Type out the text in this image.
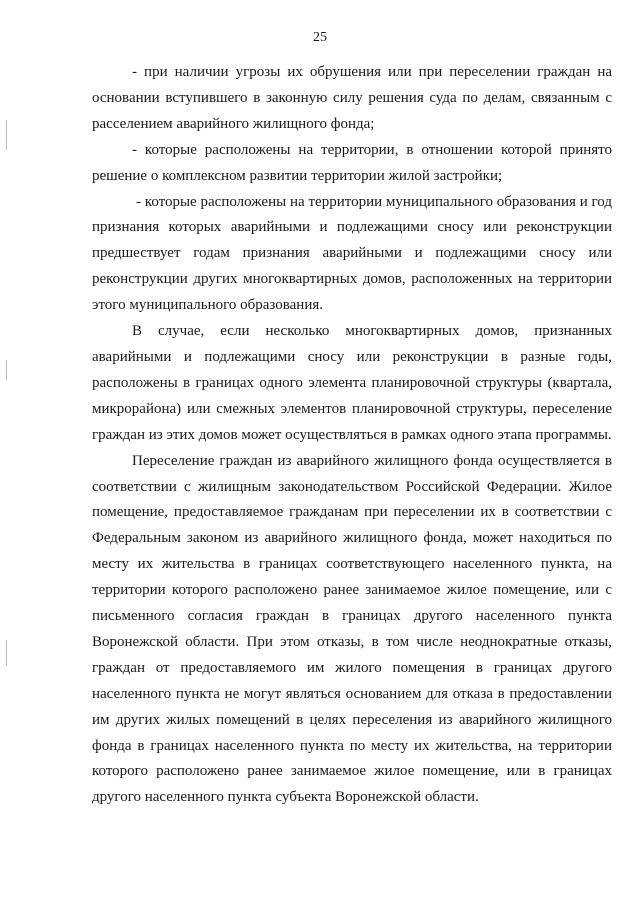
25

- при наличии угрозы их обрушения или при переселении граждан на основании вступившего в законную силу решения суда по делам, связанным с расселением аварийного жилищного фонда;

- которые расположены на территории, в отношении которой принято решение о комплексном развитии территории жилой застройки;

- которые расположены на территории муниципального образования и год признания которых аварийными и подлежащими сносу или реконструкции предшествует годам признания аварийными и подлежащими сносу или реконструкции других многоквартирных домов, расположенных на территории этого муниципального образования.

В случае, если несколько многоквартирных домов, признанных аварийными и подлежащими сносу или реконструкции в разные годы, расположены в границах одного элемента планировочной структуры (квартала, микрорайона) или смежных элементов планировочной структуры, переселение граждан из этих домов может осуществляться в рамках одного этапа программы.

Переселение граждан из аварийного жилищного фонда осуществляется в соответствии с жилищным законодательством Российской Федерации. Жилое помещение, предоставляемое гражданам при переселении их в соответствии с Федеральным законом из аварийного жилищного фонда, может находиться по месту их жительства в границах соответствующего населенного пункта, на территории которого расположено ранее занимаемое жилое помещение, или с письменного согласия граждан в границах другого населенного пункта Воронежской области. При этом отказы, в том числе неоднократные отказы, граждан от предоставляемого им жилого помещения в границах другого населенного пункта не могут являться основанием для отказа в предоставлении им других жилых помещений в целях переселения из аварийного жилищного фонда в границах населенного пункта по месту их жительства, на территории которого расположено ранее занимаемое жилое помещение, или в границах другого населенного пункта субъекта Воронежской области.
